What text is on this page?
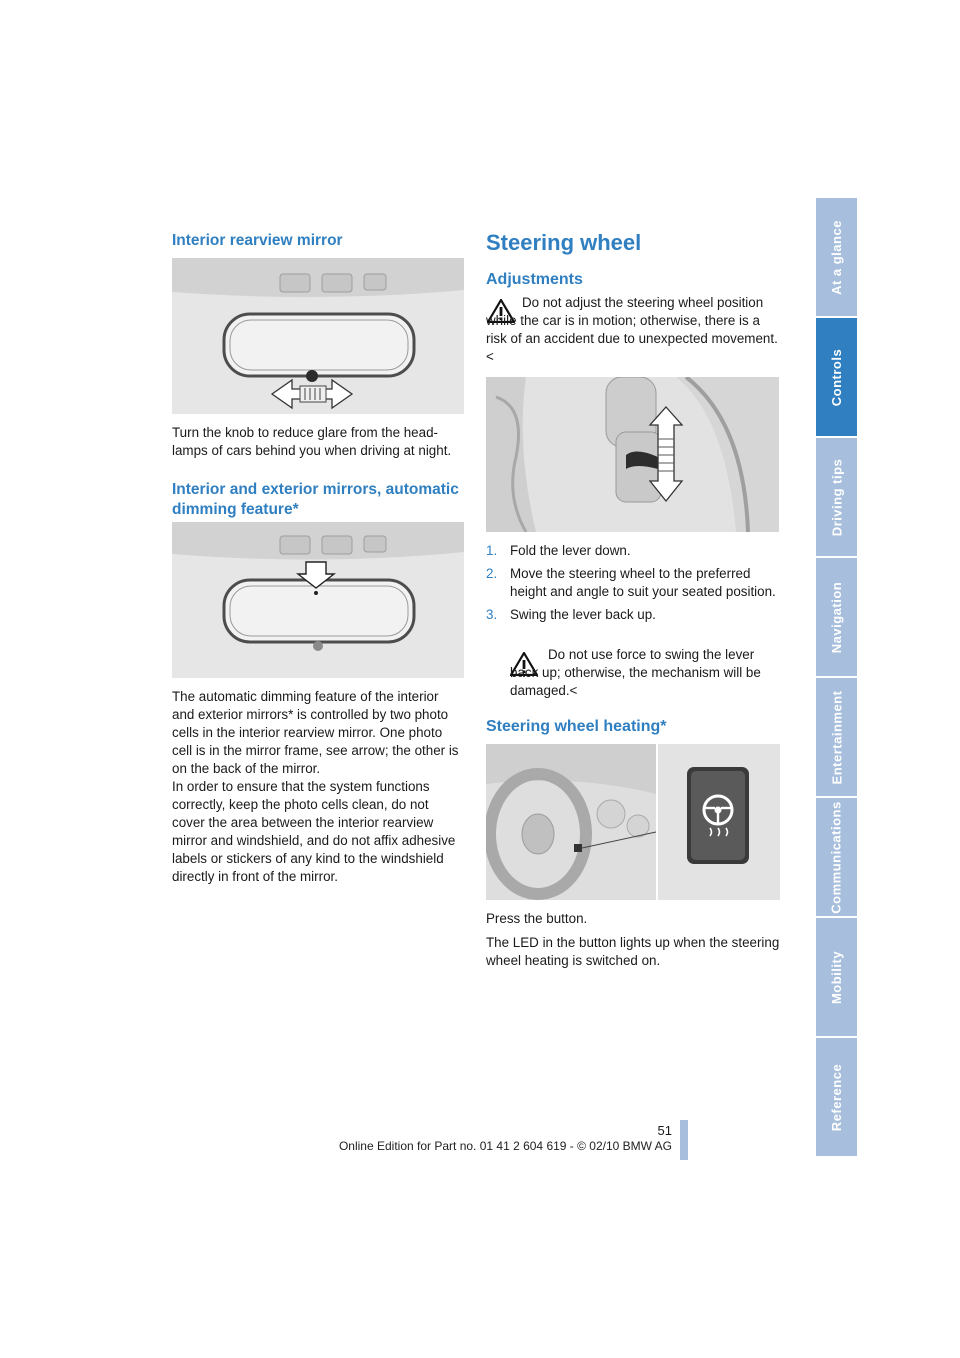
Interior rearview mirror

Turn the knob to reduce glare from the headlamps of cars behind you when driving at night.

Interior and exterior mirrors, automatic
dimming feature*

The automatic dimming feature of the interior and exterior mirrors* is controlled by two photo cells in the interior rearview mirror. One photo cell is in the mirror frame, see arrow; the other is on the back of the mirror.

In order to ensure that the system functions correctly, keep the photo cells clean, do not cover the area between the interior rearview mirror and windshield, and do not affix adhesive labels or stickers of any kind to the windshield directly in front of the mirror.

Steering wheel
Adjustments

Do not adjust the steering wheel position while the car is in motion; otherwise, there is a risk of an accident due to unexpected movement.<

1. Fold the lever down.
2. Move the steering wheel to the preferred height and angle to suit your seated position.
3. Swing the lever back up.

Do not use force to swing the lever back up; otherwise, the mechanism will be damaged.<

Steering wheel heating*

Press the button.

The LED in the button lights up when the steering wheel heating is switched on.

At a glance
Controls
Driving tips
Navigation
Entertainment
Communications
Mobility
Reference
51
Online Edition for Part no. 01 41 2 604 619 - © 02/10 BMW AG
